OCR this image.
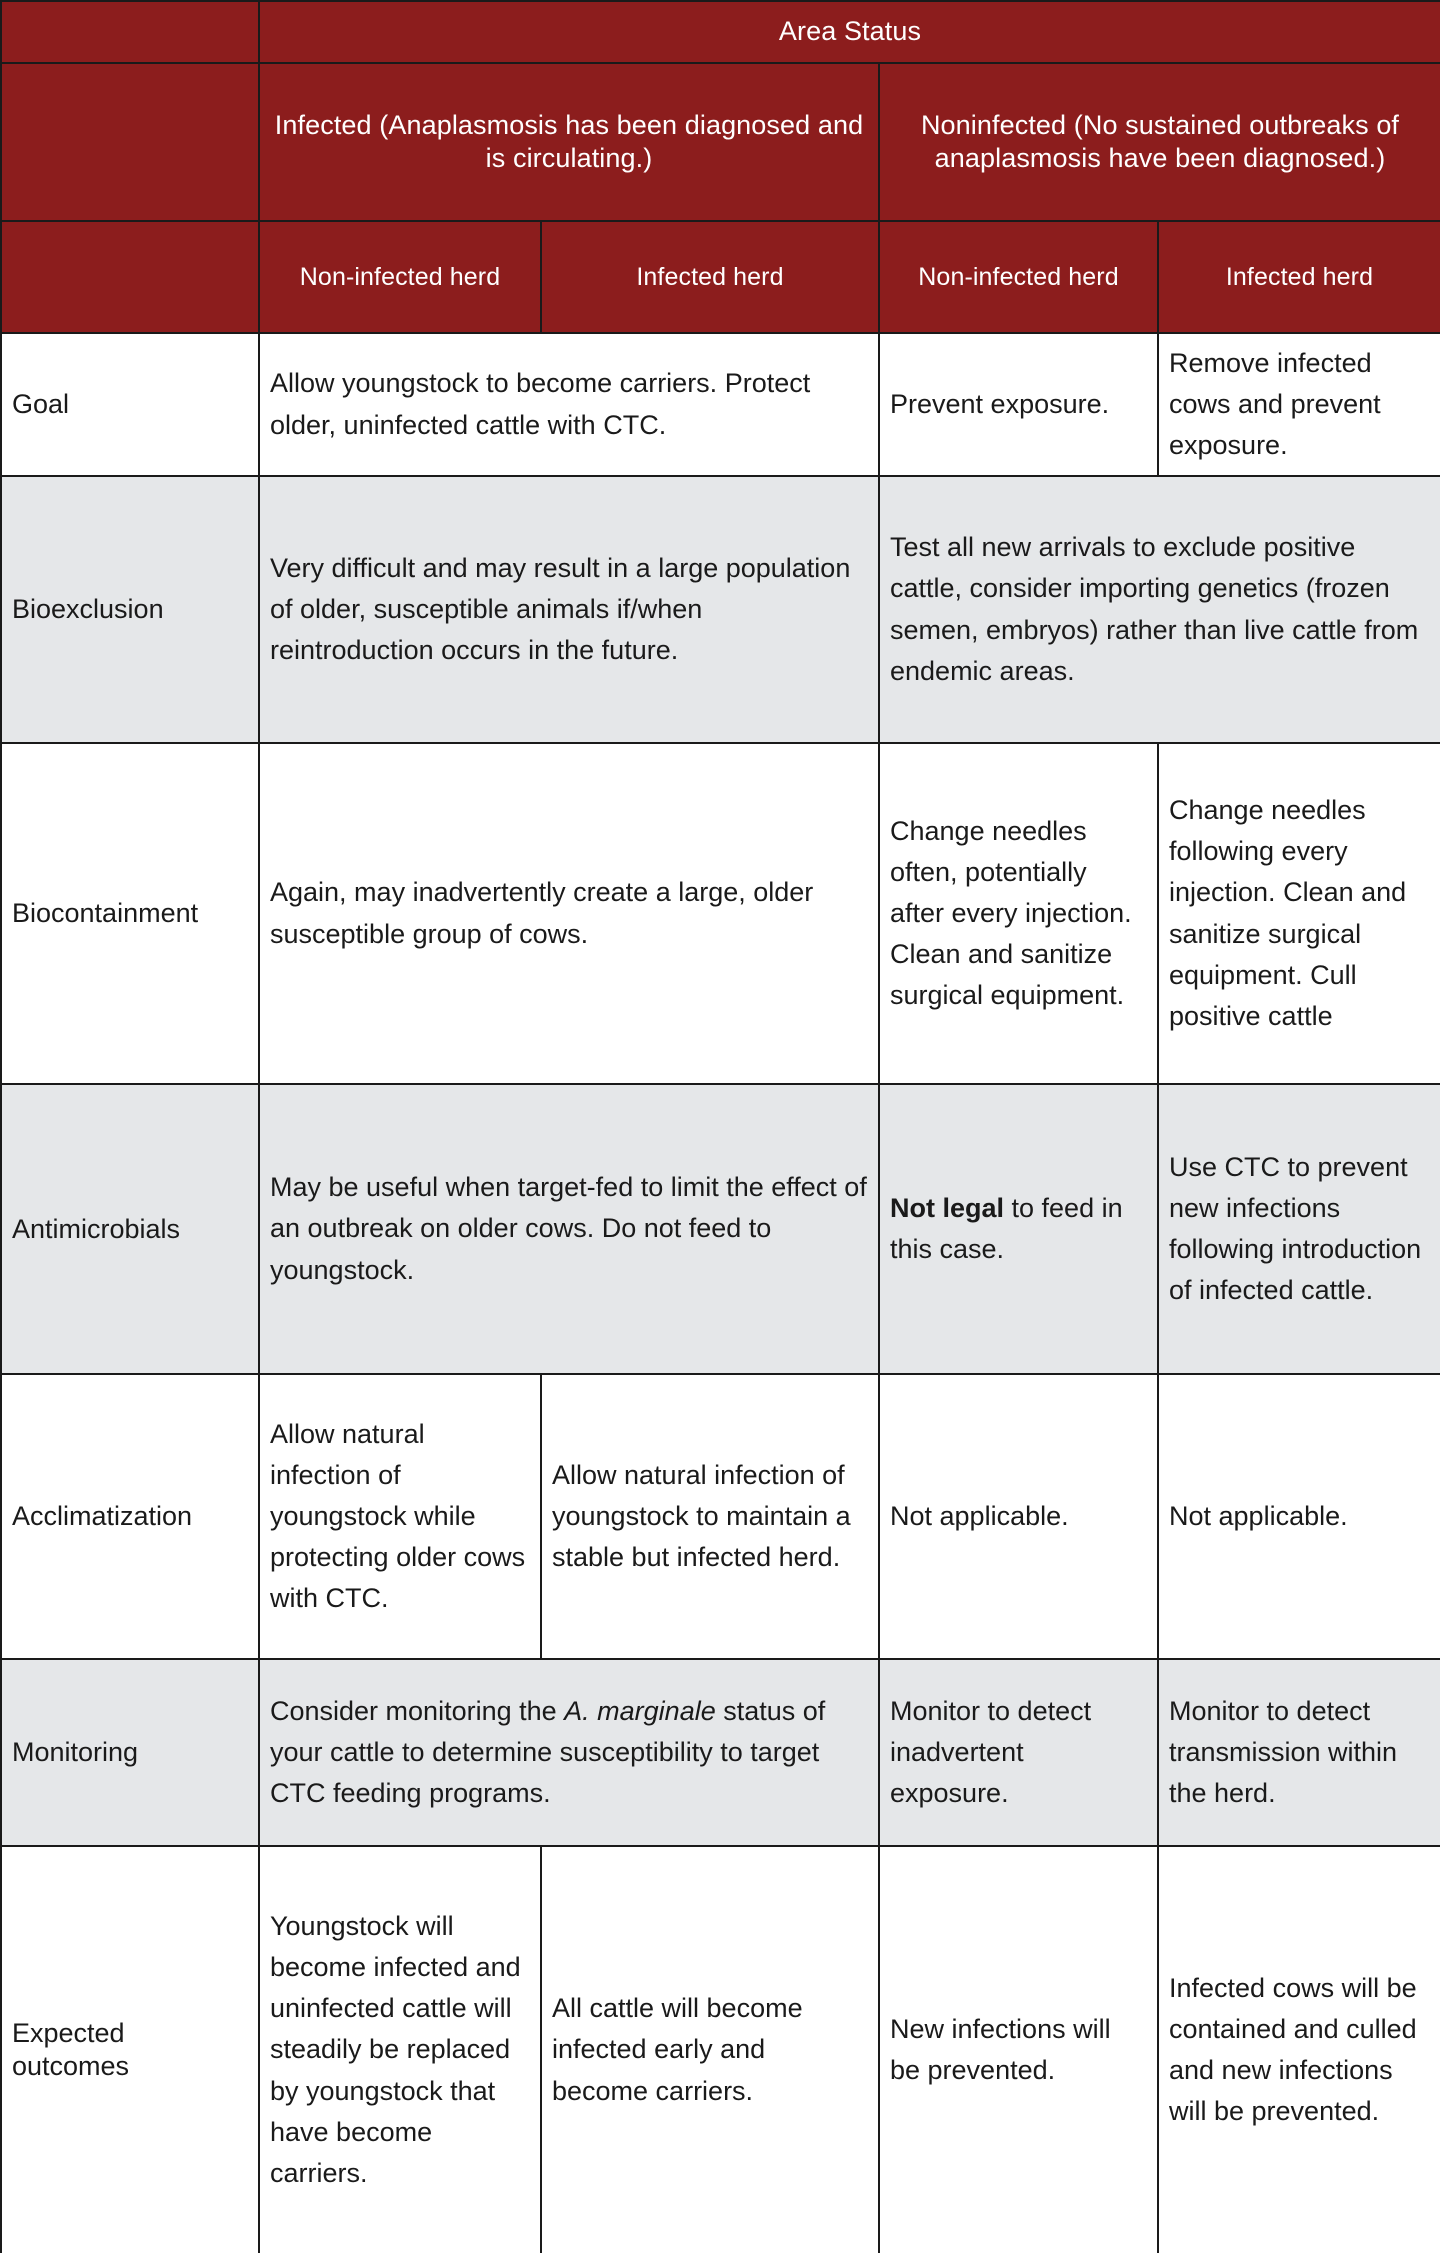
	Area Status			
	Infected (Anaplasmosis has been diagnosed and is circulating.)		Noninfected (No sustained outbreaks of anaplasmosis have been diagnosed.)	
	Non-infected herd	Infected herd	Non-infected herd	Infected herd
Goal	Allow youngstock to become carriers. Protect older, uninfected cattle with CTC.		Prevent exposure.	Remove infected cows and prevent exposure.
Bioexclusion	Very difficult and may result in a large population of older, susceptible animals if/when reintroduction occurs in the future.		Test all new arrivals to exclude positive cattle, consider importing genetics (frozen semen, embryos) rather than live cattle from endemic areas.	
Biocontainment	Again, may inadvertently create a large, older susceptible group of cows.		Change needles often, potentially after every injection. Clean and sanitize surgical equipment.	Change needles following every injection. Clean and sanitize surgical equipment. Cull positive cattle
Antimicrobials	May be useful when target-fed to limit the effect of an outbreak on older cows. Do not feed to youngstock.		Not legal to feed in this case.	Use CTC to prevent new infections following introduction of infected cattle.
Acclimatization	Allow natural infection of youngstock while protecting older cows with CTC.	Allow natural infection of youngstock to maintain a stable but infected herd.	Not applicable.	Not applicable.
Monitoring	Consider monitoring the A. marginale status of your cattle to determine susceptibility to target CTC feeding programs.		Monitor to detect inadvertent exposure.	Monitor to detect transmission within the herd.
Expected outcomes	Youngstock will become infected and uninfected cattle will steadily be replaced by youngstock that have become carriers.	All cattle will become infected early and become carriers.	New infections will be prevented.	Infected cows will be contained and culled and new infections will be prevented.
